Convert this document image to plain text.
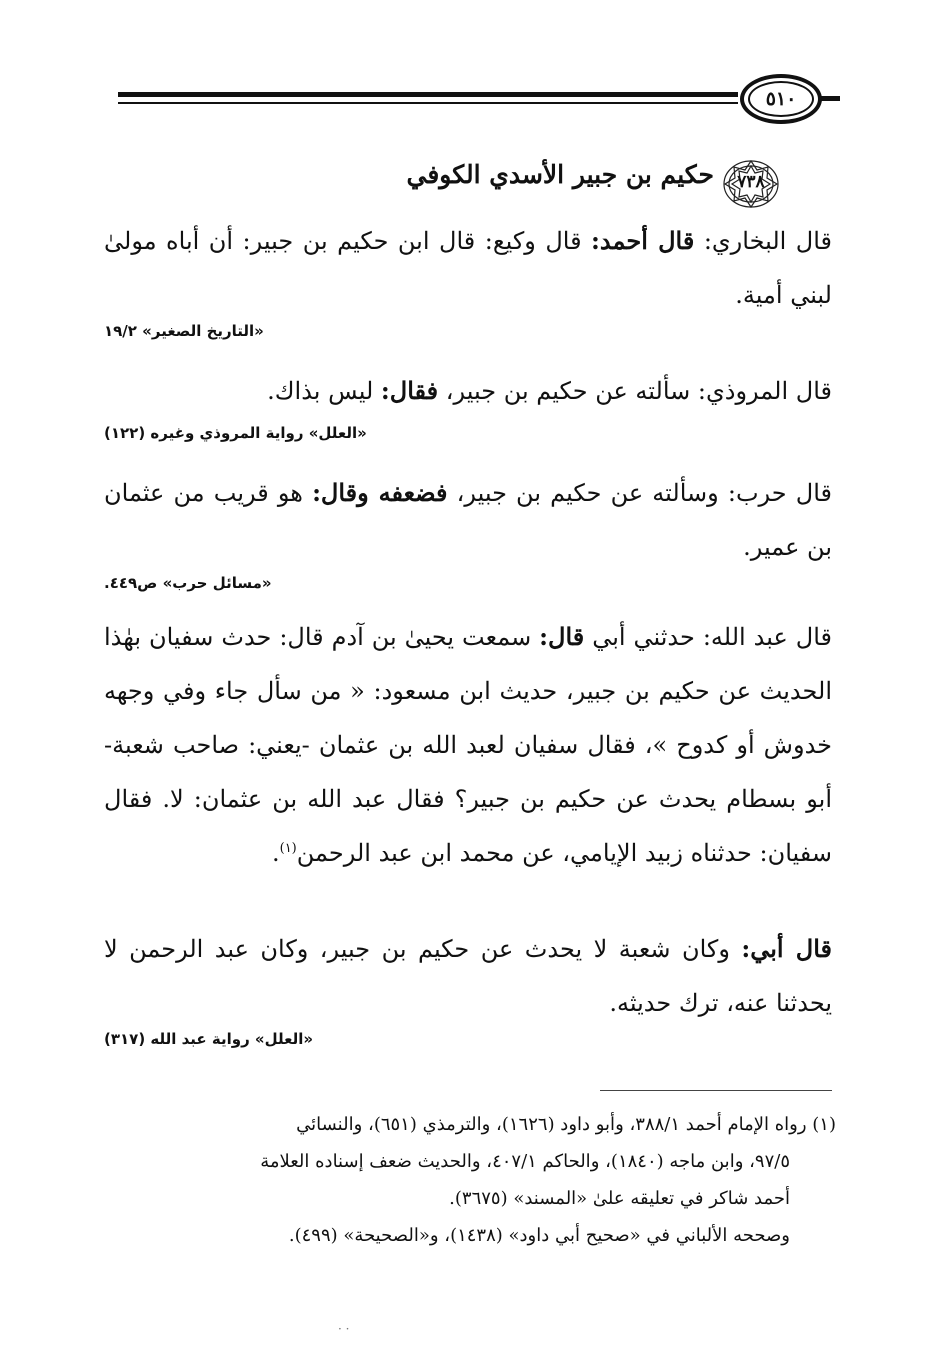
٥١٠
٧٣٨
حكيم بن جبير الأسدي الكوفي
قال البخاري: قال أحمد: قال وكيع: قال ابن حكيم بن جبير: أن أباه مولىٰ لبني أمية.
«التاريخ الصغير» ١٩/٢
قال المروذي: سألته عن حكيم بن جبير، فقال: ليس بذاك.
«العلل» رواية المروذي وغيره (١٢٢)
قال حرب: وسألته عن حكيم بن جبير، فضعفه وقال: هو قريب من عثمان بن عمير.
«مسائل حرب» ص٤٤٩.
قال عبد الله: حدثني أبي قال: سمعت يحيىٰ بن آدم قال: حدث سفيان بهٰذا الحديث عن حكيم بن جبير، حديث ابن مسعود: « من سأل جاء وفي وجهه خدوش أو كدوح »، فقال سفيان لعبد الله بن عثمان -يعني: صاحب شعبة- أبو بسطام يحدث عن حكيم بن جبير؟ فقال عبد الله بن عثمان: لا. فقال سفيان: حدثناه زبيد الإيامي، عن محمد ابن عبد الرحمن$^{(١)}$.
قال أبي: وكان شعبة لا يحدث عن حكيم بن جبير، وكان عبد الرحمن لا يحدثنا عنه، ترك حديثه.
«العلل» رواية عبد الله (٣١٧)
(١) رواه الإمام أحمد ٣٨٨/١، وأبو داود (١٦٢٦)، والترمذي (٦٥١)، والنسائي
٩٧/٥، وابن ماجه (١٨٤٠)، والحاكم ٤٠٧/١، والحديث ضعف إسناده العلامة
أحمد شاكر في تعليقه علىٰ «المسند» (٣٦٧٥).
وصححه الألباني في «صحيح أبي داود» (١٤٣٨)، و«الصحيحة» (٤٩٩).
· ·
